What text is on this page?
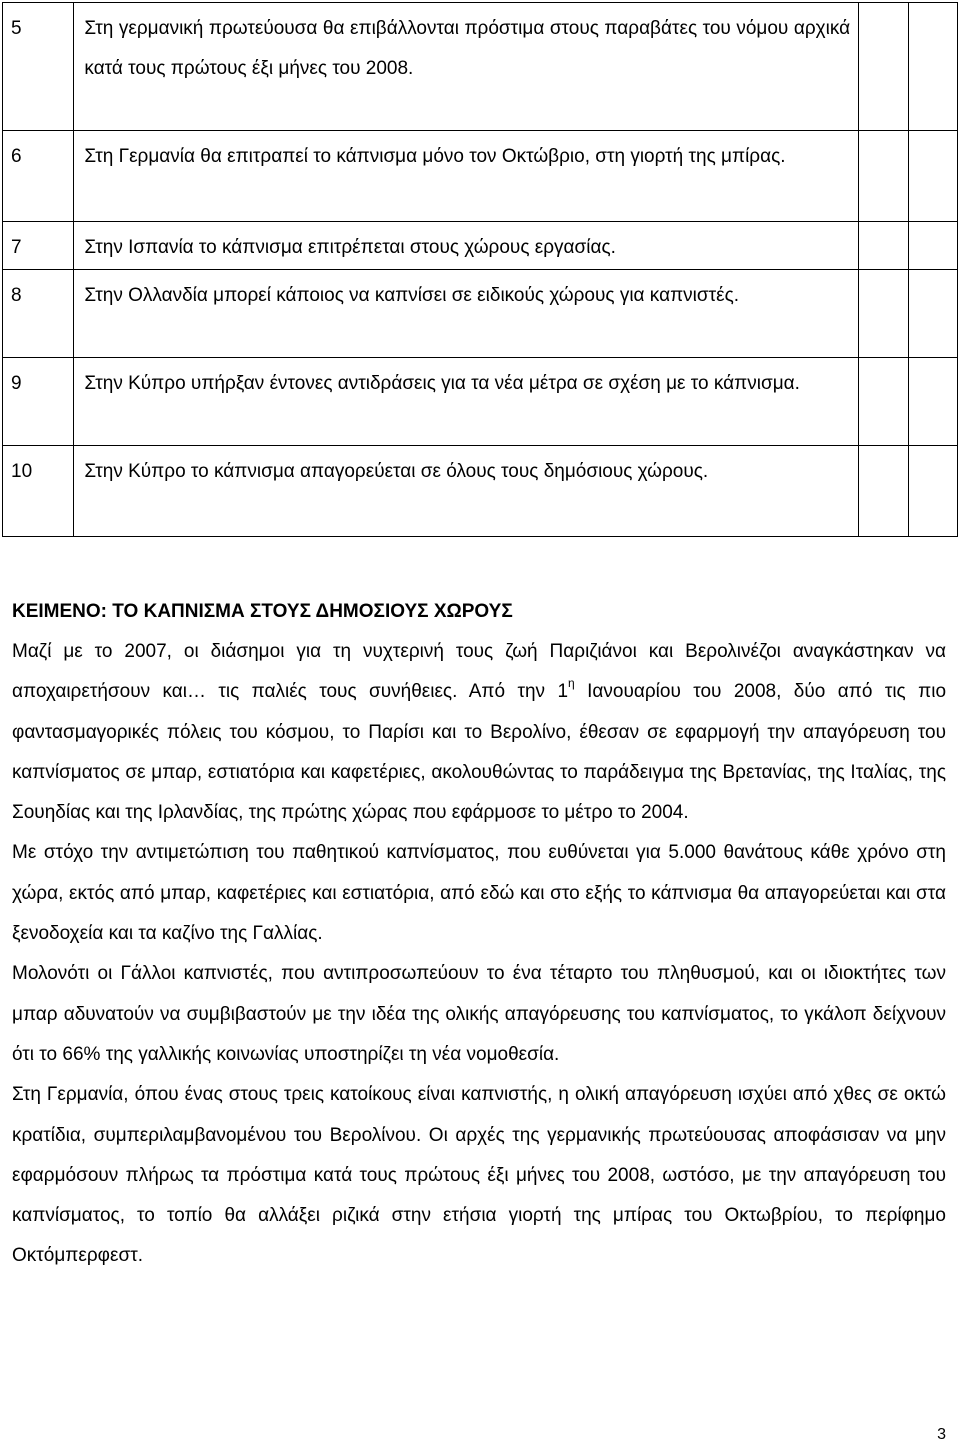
5	Στη γερμανική πρωτεύουσα θα επιβάλλονται πρόστιμα στους παραβάτες του νόμου αρχικά κατά τους πρώτους έξι μήνες του 2008.		

6	Στη Γερμανία θα επιτραπεί το κάπνισμα μόνο τον Οκτώβριο, στη γιορτή της μπίρας.		

7	Στην Ισπανία το κάπνισμα επιτρέπεται στους χώρους εργασίας.		

8	Στην Ολλανδία μπορεί κάποιος να καπνίσει σε ειδικούς χώρους για καπνιστές.		

9	Στην Κύπρο υπήρξαν έντονες αντιδράσεις για τα νέα μέτρα σε σχέση με το κάπνισμα.		

10	Στην Κύπρο το κάπνισμα απαγορεύεται σε όλους τους δημόσιους χώρους.		

ΚΕΙΜΕΝΟ: ΤΟ ΚΑΠΝΙΣΜΑ ΣΤΟΥΣ ΔΗΜΟΣΙΟΥΣ ΧΩΡΟΥΣ

Μαζί με το 2007, οι διάσημοι για τη νυχτερινή τους ζωή Παριζιάνοι και Βερολινέζοι αναγκάστηκαν να αποχαιρετήσουν και… τις παλιές τους συνήθειες. Από την $1^\eta$ Ιανουαρίου του 2008, δύο από τις πιο φαντασμαγορικές πόλεις του κόσμου, το Παρίσι και το Βερολίνο, έθεσαν σε εφαρμογή την απαγόρευση του καπνίσματος σε μπαρ, εστιατόρια και καφετέριες, ακολουθώντας το παράδειγμα της Βρετανίας, της Ιταλίας, της Σουηδίας και της Ιρλανδίας, της πρώτης χώρας που εφάρμοσε το μέτρο το 2004.

Με στόχο την αντιμετώπιση του παθητικού καπνίσματος, που ευθύνεται για 5.000 θανάτους κάθε χρόνο στη χώρα, εκτός από μπαρ, καφετέριες και εστιατόρια, από εδώ και στο εξής το κάπνισμα θα απαγορεύεται και στα ξενοδοχεία και τα καζίνο της Γαλλίας.

Μολονότι οι Γάλλοι καπνιστές, που αντιπροσωπεύουν το ένα τέταρτο του πληθυσμού, και οι ιδιοκτήτες των μπαρ αδυνατούν να συμβιβαστούν με την ιδέα της ολικής απαγόρευσης του καπνίσματος, το γκάλοπ δείχνουν ότι το 66% της γαλλικής κοινωνίας υποστηρίζει τη νέα νομοθεσία.

Στη Γερμανία, όπου ένας στους τρεις κατοίκους είναι καπνιστής, η ολική απαγόρευση ισχύει από χθες σε οκτώ κρατίδια, συμπεριλαμβανομένου του Βερολίνου. Οι αρχές της γερμανικής πρωτεύουσας αποφάσισαν να μην εφαρμόσουν πλήρως τα πρόστιμα κατά τους πρώτους έξι μήνες του 2008, ωστόσο, με την απαγόρευση του καπνίσματος, το τοπίο θα αλλάξει ριζικά στην ετήσια γιορτή της μπίρας του Οκτωβρίου, το περίφημο Οκτόμπερφεστ.

3
